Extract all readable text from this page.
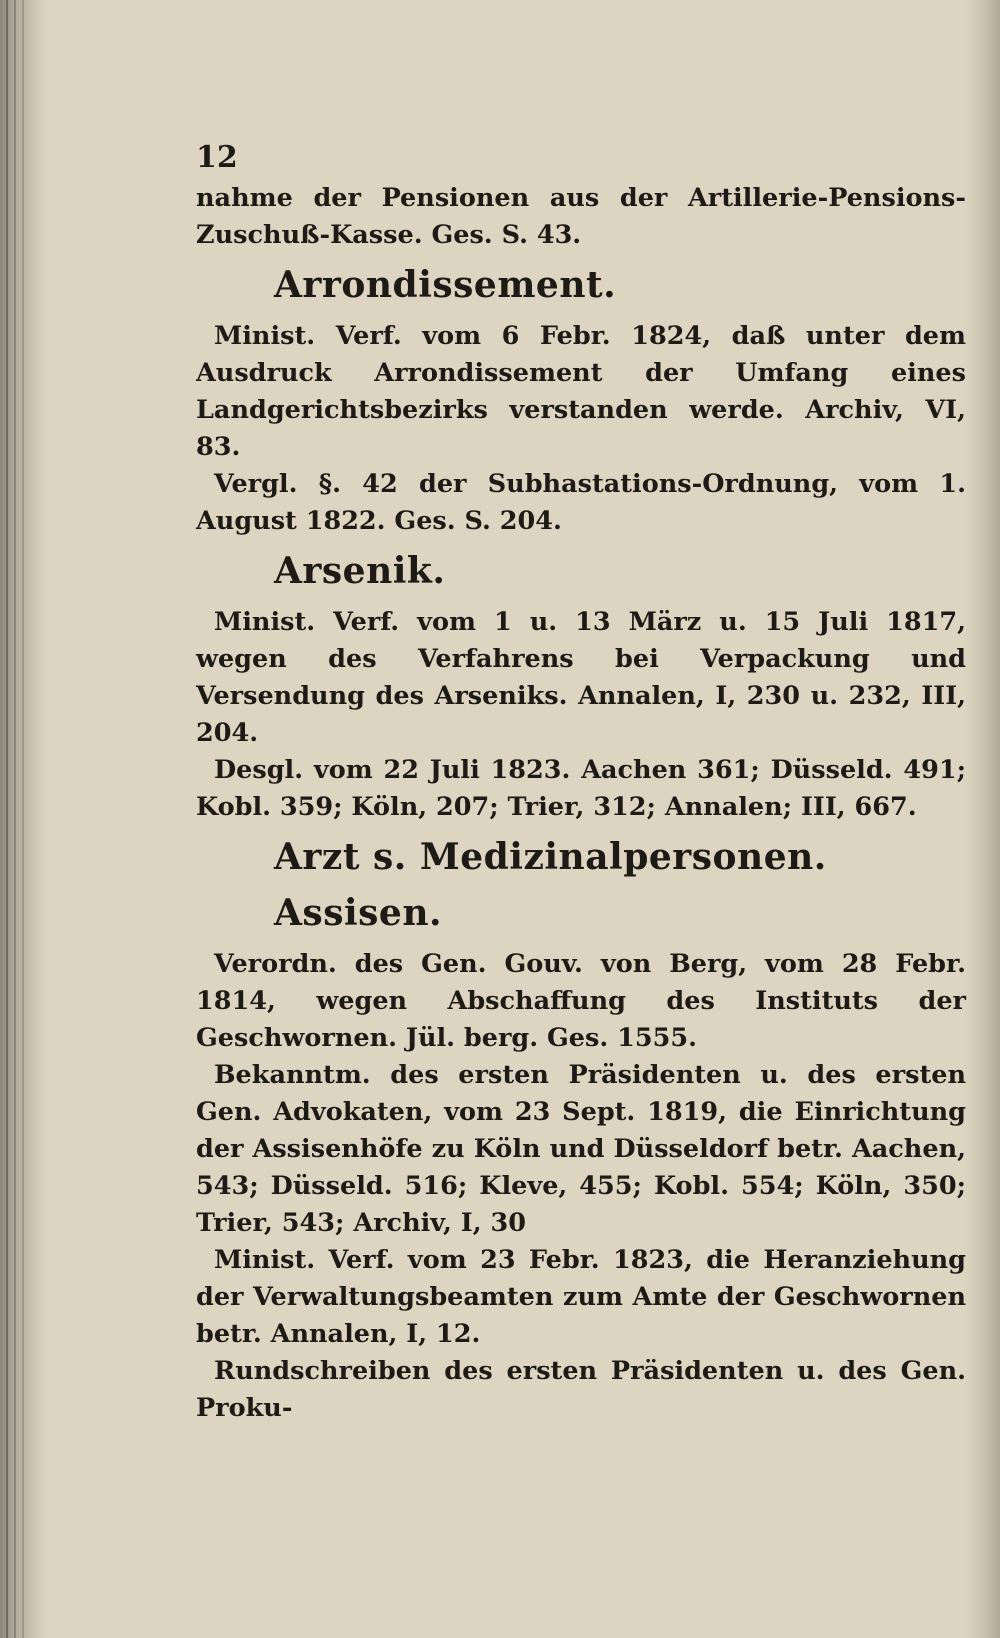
12
nahme der Pensionen aus der Artillerie-Pensions-Zuschuß-Kasse. Ges. S. 43.
Arrondissement.
Minist. Verf. vom 6 Febr. 1824, daß unter dem Ausdruck Arrondissement der Umfang eines Landgerichtsbezirks verstanden werde. Archiv, VI, 83.
Vergl. §. 42 der Subhastations-Ordnung, vom 1. August 1822. Ges. S. 204.
Arsenik.
Minist. Verf. vom 1 u. 13 März u. 15 Juli 1817, wegen des Verfahrens bei Verpackung und Versendung des Arseniks. Annalen, I, 230 u. 232, III, 204.
Desgl. vom 22 Juli 1823. Aachen 361; Düsseld. 491; Kobl. 359; Köln, 207; Trier, 312; Annalen; III, 667.
Arzt s. Medizinalpersonen.
Assisen.
Verordn. des Gen. Gouv. von Berg, vom 28 Febr. 1814, wegen Abschaffung des Instituts der Geschwornen. Jül. berg. Ges. 1555.
Bekanntm. des ersten Präsidenten u. des ersten Gen. Advokaten, vom 23 Sept. 1819, die Einrichtung der Assisenhöfe zu Köln und Düsseldorf betr. Aachen, 543; Düsseld. 516; Kleve, 455; Kobl. 554; Köln, 350; Trier, 543; Archiv, I, 30
Minist. Verf. vom 23 Febr. 1823, die Heranziehung der Verwaltungsbeamten zum Amte der Geschwornen betr. Annalen, I, 12.
Rundschreiben des ersten Präsidenten u. des Gen. Proku-
